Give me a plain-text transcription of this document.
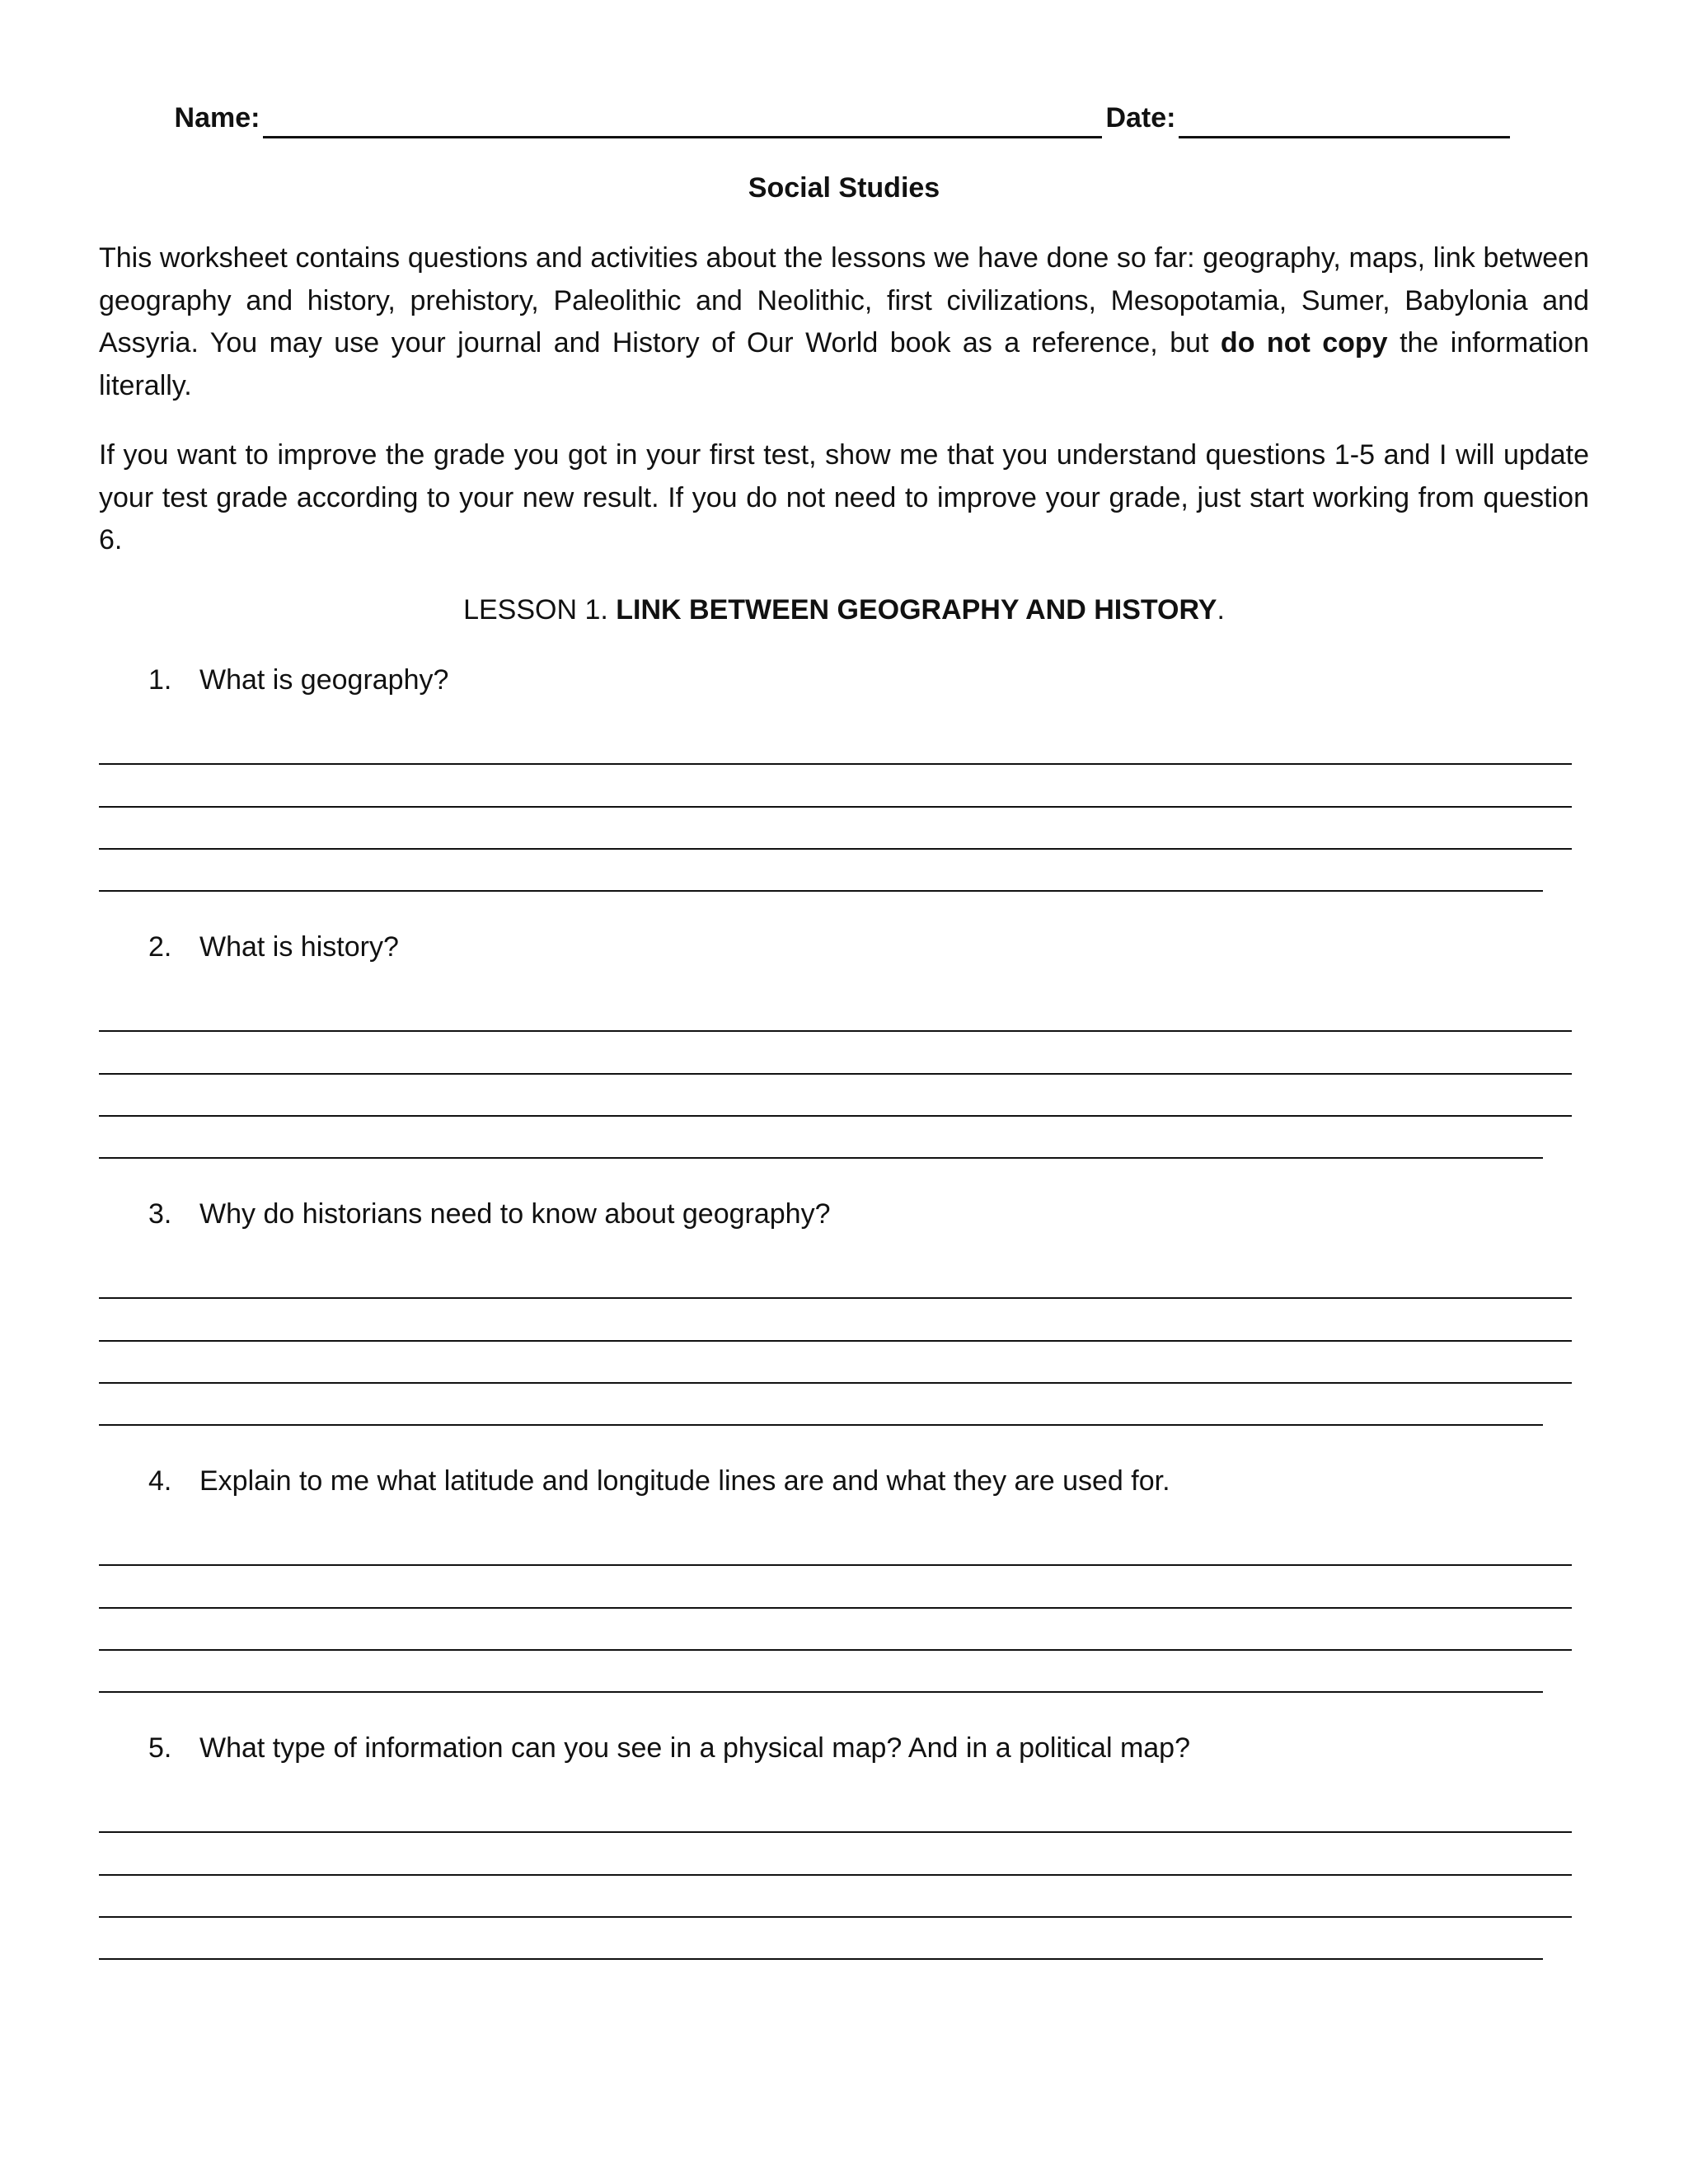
Name:	Date:
Social Studies
This worksheet contains questions and activities about the lessons we have done so far: geography, maps, link between geography and history, prehistory, Paleolithic and Neolithic, first civilizations, Mesopotamia, Sumer, Babylonia and Assyria. You may use your journal and History of Our World book as a reference, but do not copy the information literally.
If you want to improve the grade you got in your first test, show me that you understand questions 1-5 and I will update your test grade according to your new result. If you do not need to improve your grade, just start working from question 6.
LESSON 1. LINK BETWEEN GEOGRAPHY AND HISTORY.
1. What is geography?
2. What is history?
3. Why do historians need to know about geography?
4. Explain to me what latitude and longitude lines are and what they are used for.
5. What type of information can you see in a physical map? And in a political map?
